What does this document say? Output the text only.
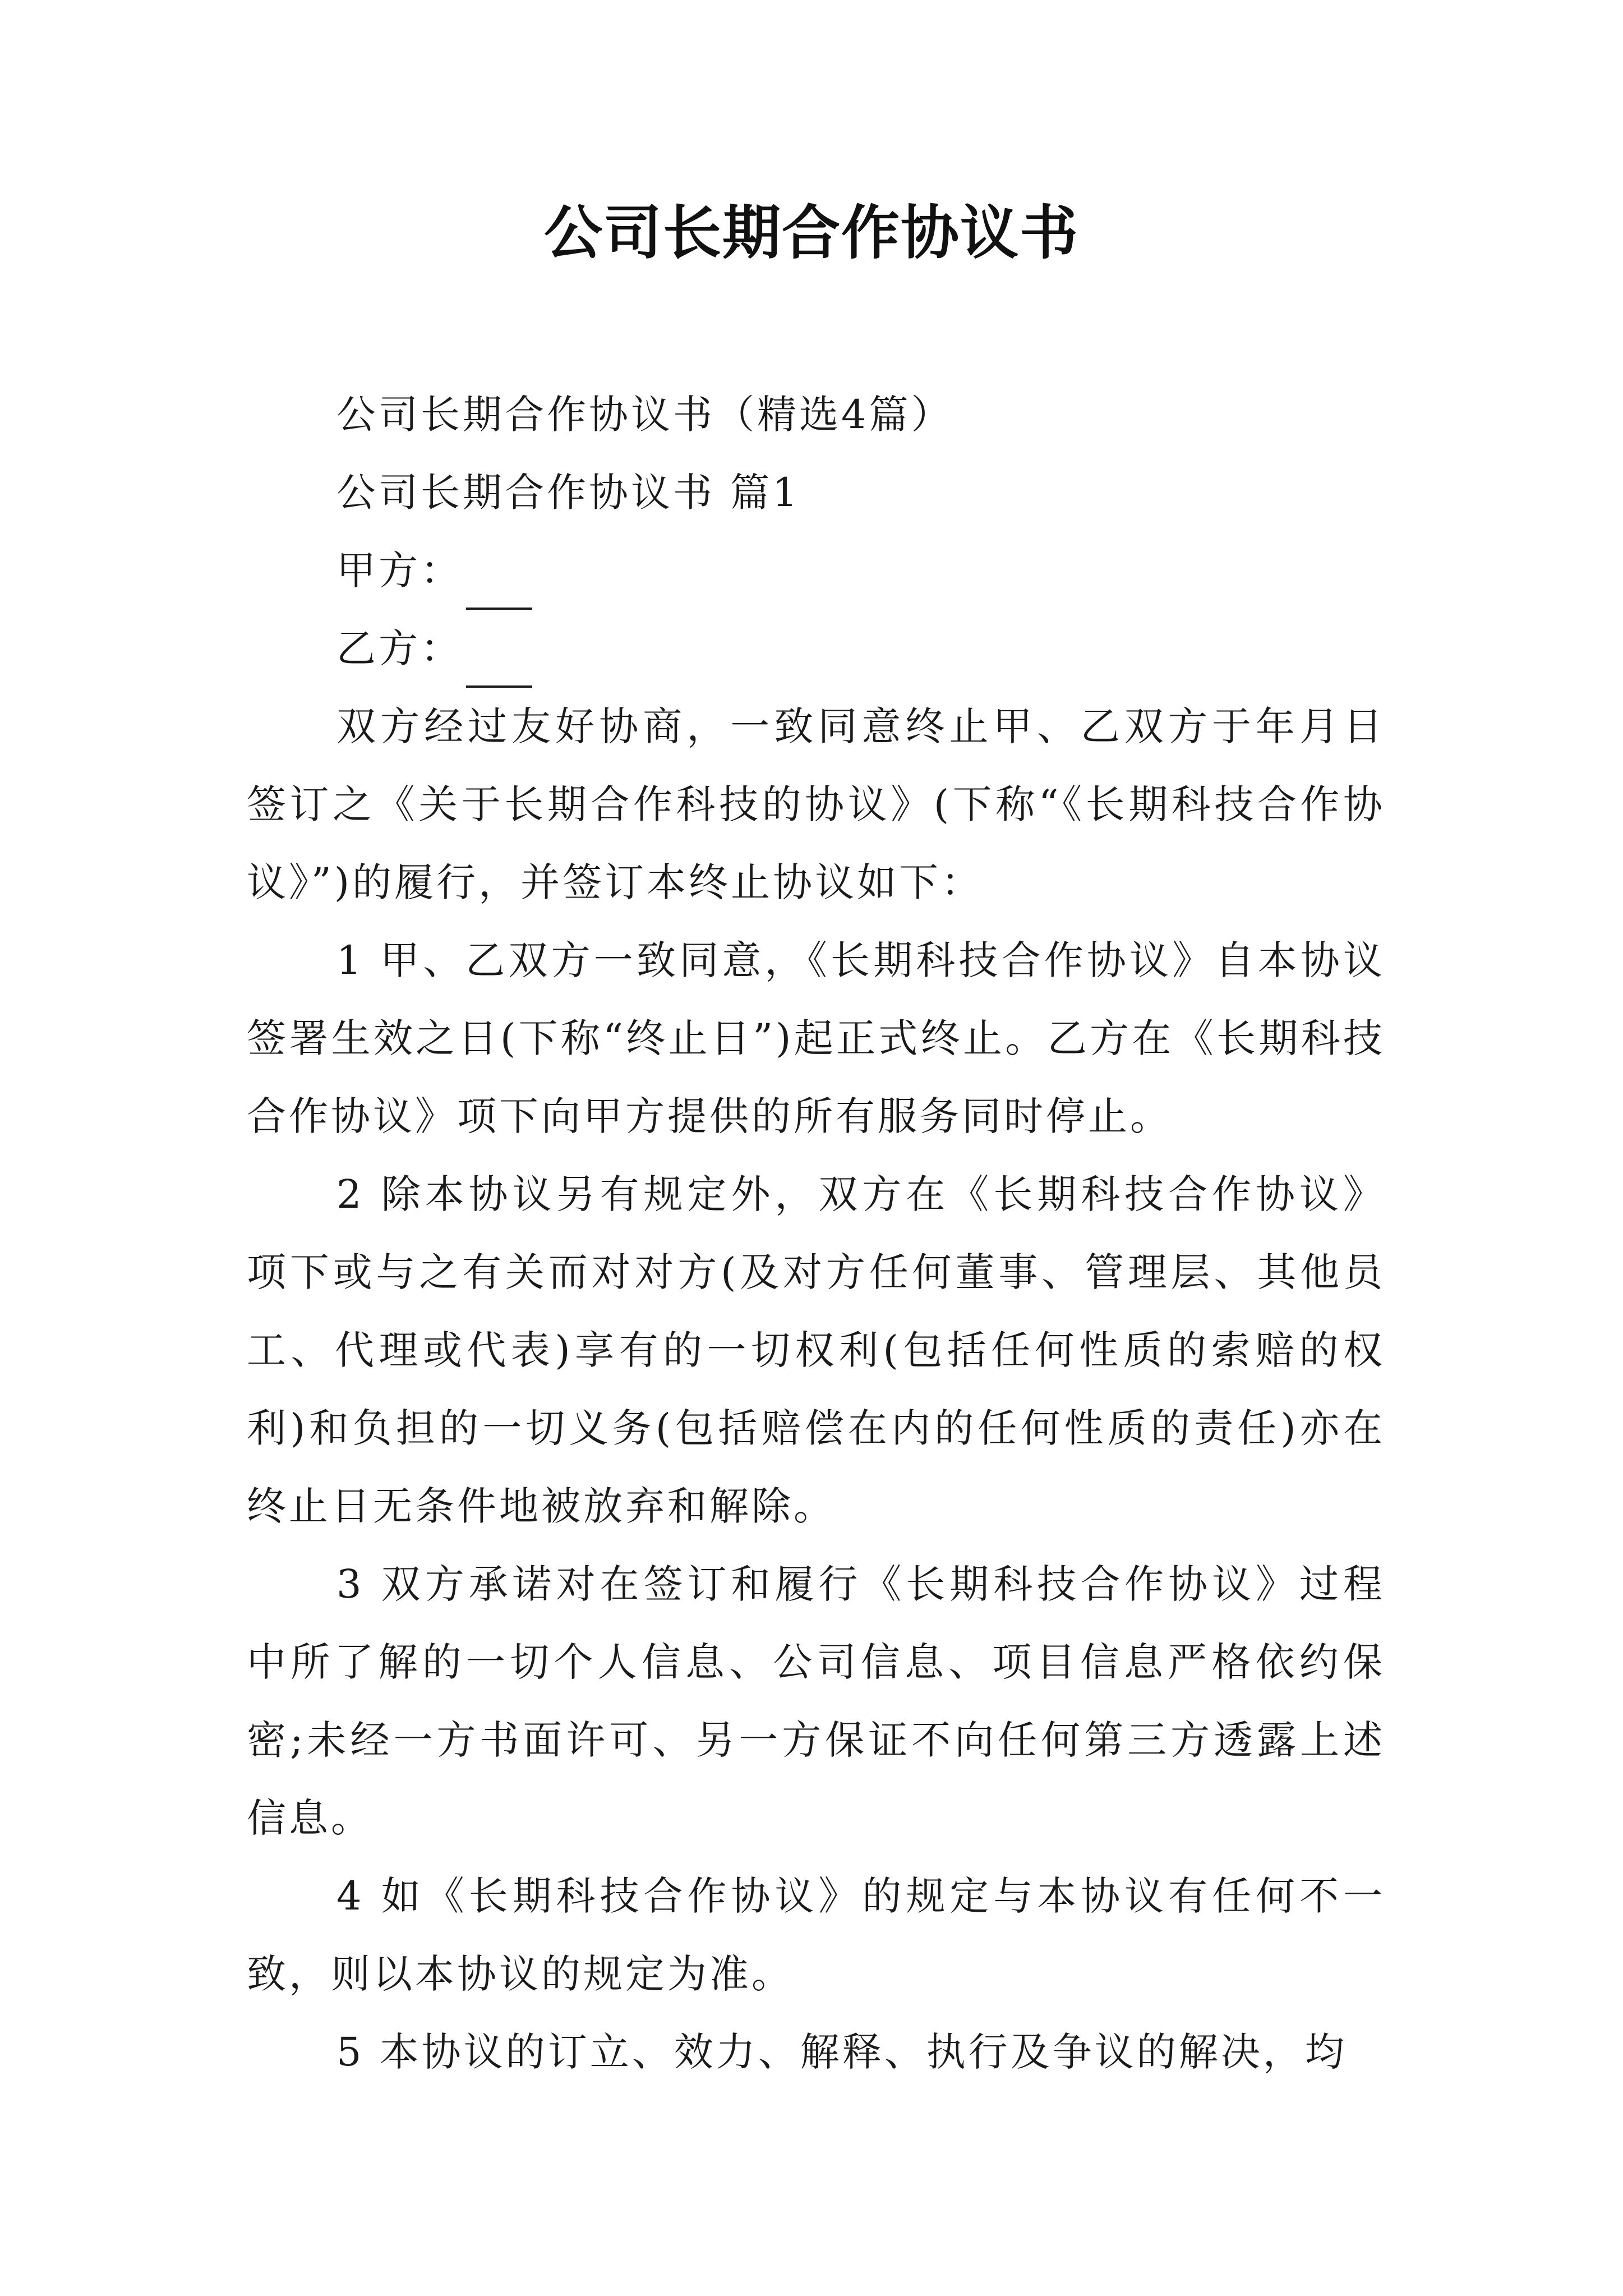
公司长期合作协议书

公司长期合作协议书（精选4篇）

公司长期合作协议书 篇1

甲方：

乙方：

双方经过友好协商，一致同意终止甲、乙双方于年月日签订之《关于长期合作科技的协议》(下称“《长期科技合作协议》”)的履行，并签订本终止协议如下：

1 甲、乙双方一致同意，《长期科技合作协议》自本协议签署生效之日(下称“终止日”)起正式终止。乙方在《长期科技合作协议》项下向甲方提供的所有服务同时停止。

2 除本协议另有规定外，双方在《长期科技合作协议》项下或与之有关而对对方(及对方任何董事、管理层、其他员工、代理或代表)享有的一切权利(包括任何性质的索赔的权利)和负担的一切义务(包括赔偿在内的任何性质的责任)亦在终止日无条件地被放弃和解除。

3 双方承诺对在签订和履行《长期科技合作协议》过程中所了解的一切个人信息、公司信息、项目信息严格依约保密;未经一方书面许可、另一方保证不向任何第三方透露上述信息。

4 如《长期科技合作协议》的规定与本协议有任何不一致，则以本协议的规定为准。

5 本协议的订立、效力、解释、执行及争议的解决，均
